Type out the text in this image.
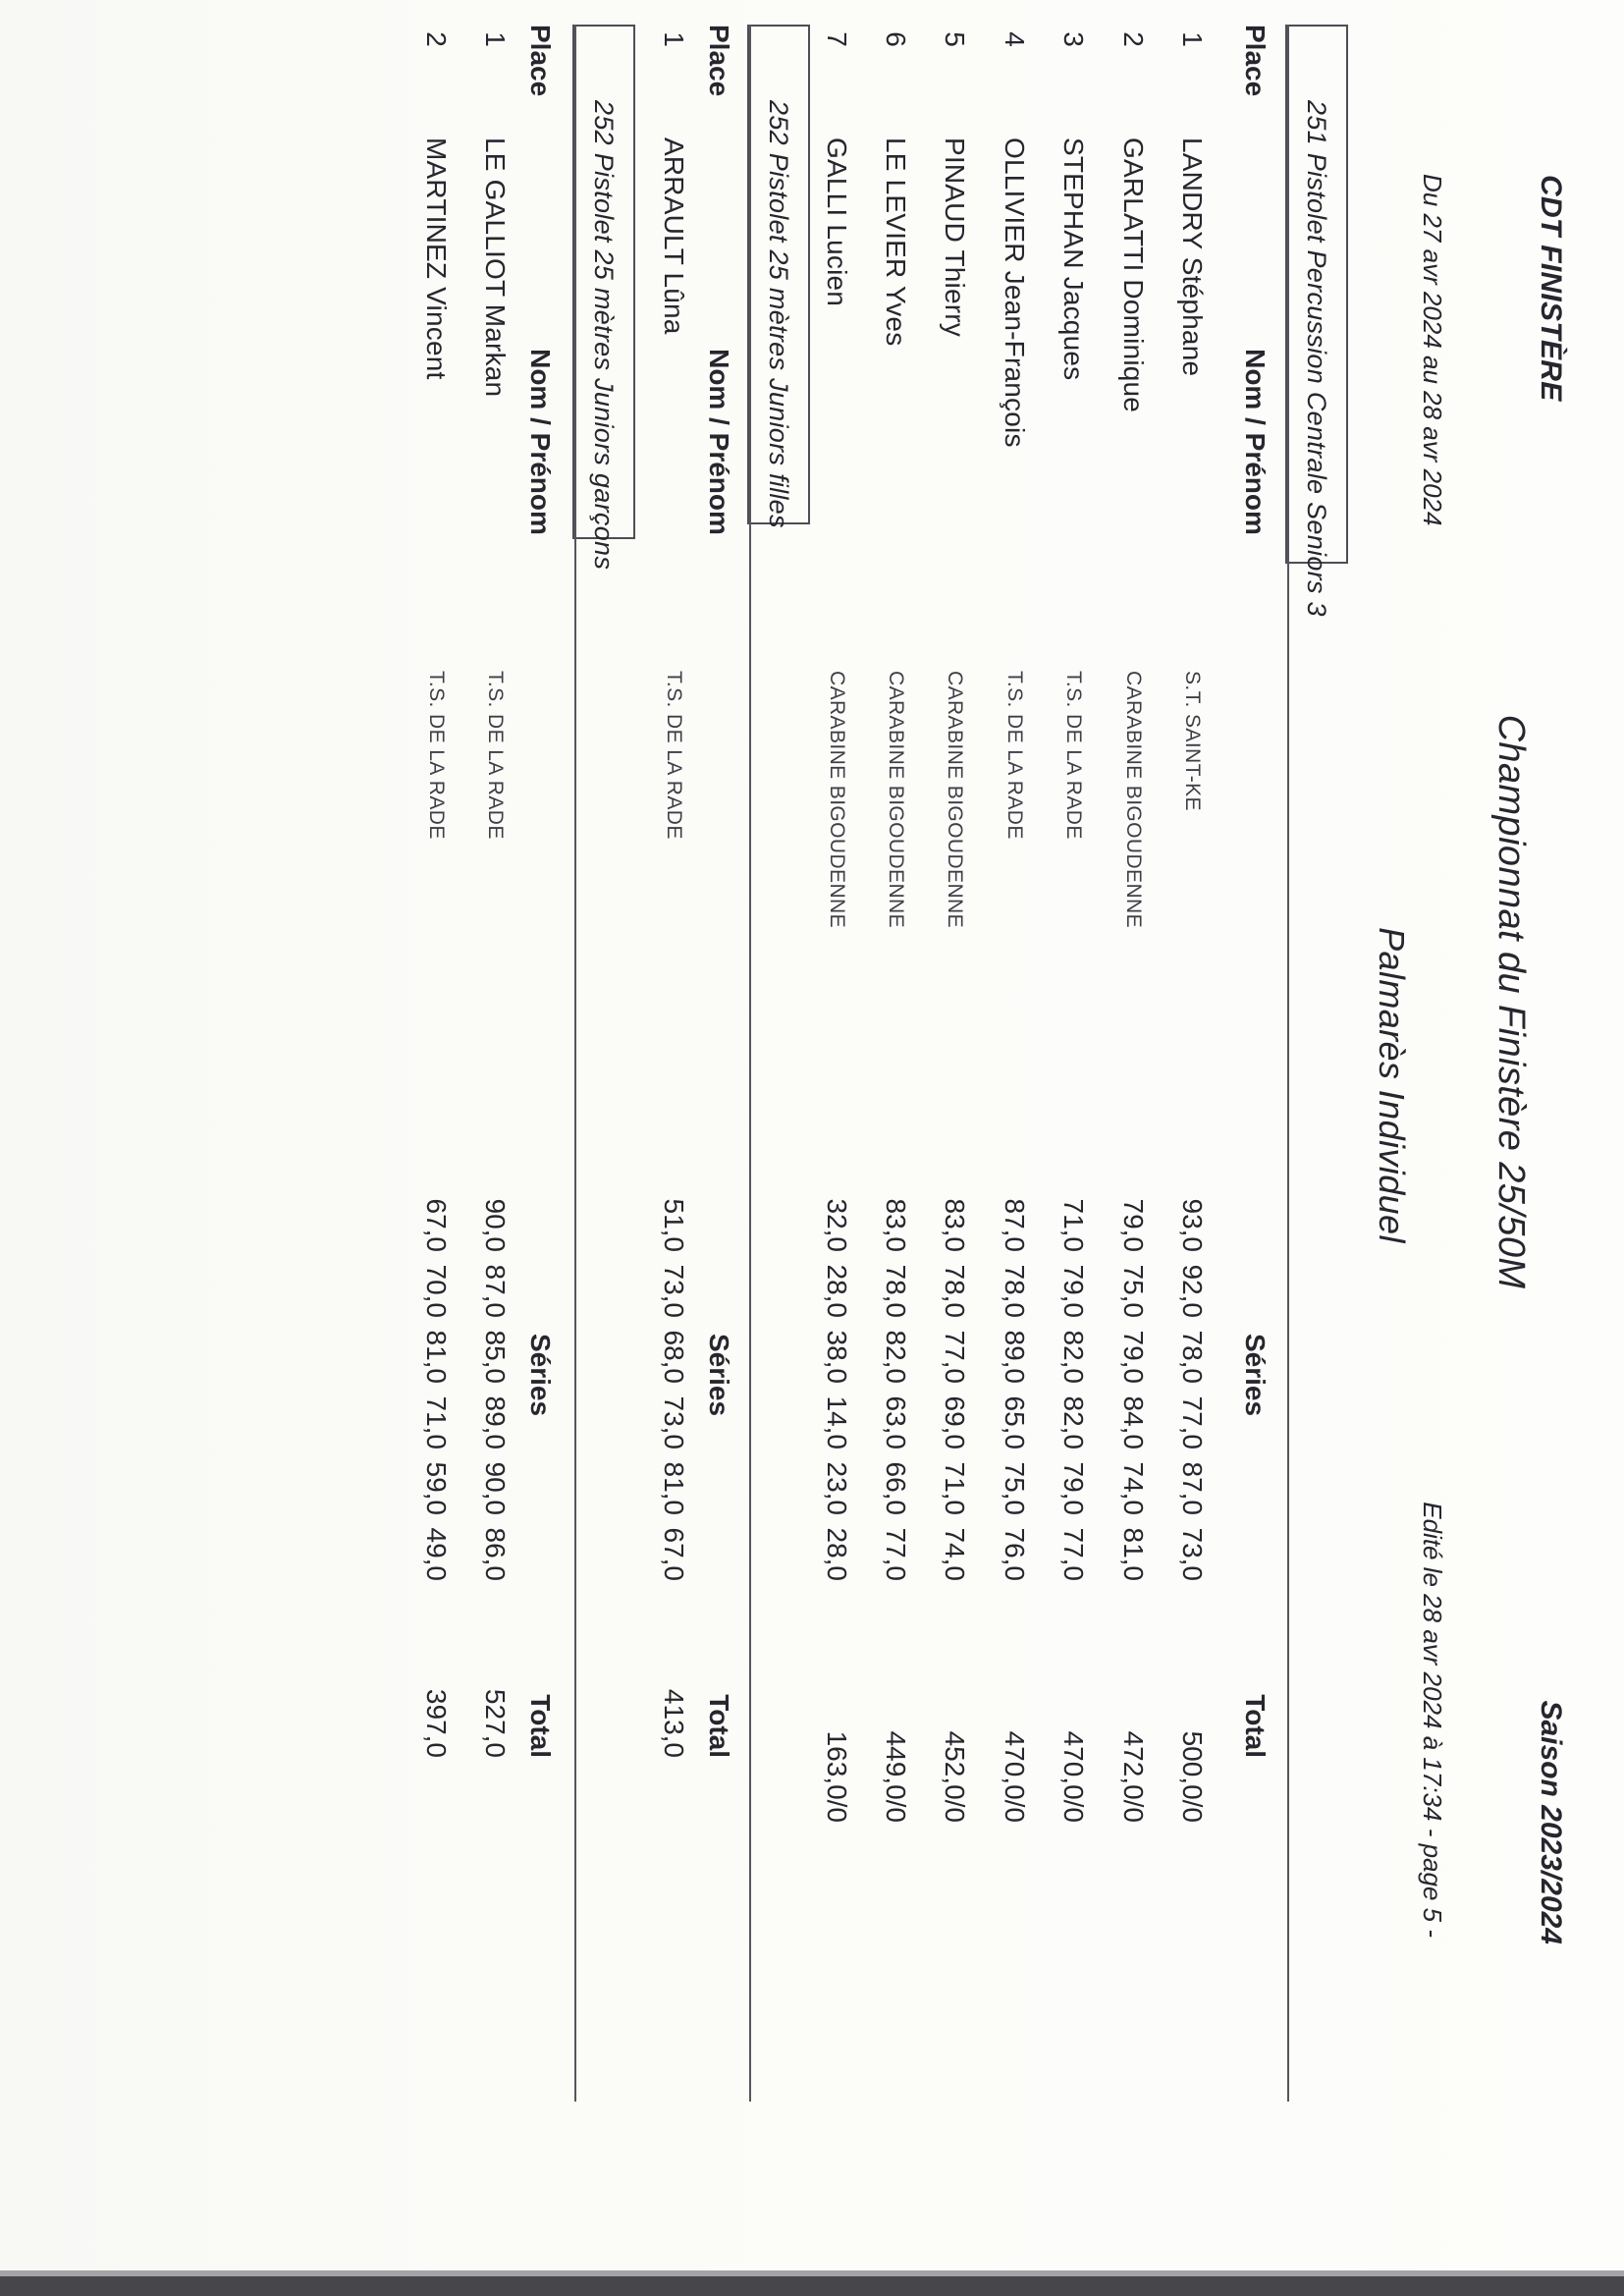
CDT FINISTÈRE
Saison 2023/2024
Championnat du Finistère 25/50M
Du 27 avr 2024 au 28 avr 2024
Edité le 28 avr 2024 à 17:34 - page 5 -
Palmarès Individuel
251 Pistolet Percussion Centrale Seniors 3
Place
Nom / Prénom
Séries
Total
1
LANDRY Stéphane
S.T. SAINT-KE
93,0
92,0
78,0
77,0
87,0
73,0
500,0/0
2
GARLATTI Dominique
CARABINE BIGOUDENNE
79,0
75,0
79,0
84,0
74,0
81,0
472,0/0
3
STEPHAN Jacques
T.S. DE LA RADE
71,0
79,0
82,0
82,0
79,0
77,0
470,0/0
4
OLLIVIER Jean-François
T.S. DE LA RADE
87,0
78,0
89,0
65,0
75,0
76,0
470,0/0
5
PINAUD Thierry
CARABINE BIGOUDENNE
83,0
78,0
77,0
69,0
71,0
74,0
452,0/0
6
LE LEVIER Yves
CARABINE BIGOUDENNE
83,0
78,0
82,0
63,0
66,0
77,0
449,0/0
7
GALLI Lucien
CARABINE BIGOUDENNE
32,0
28,0
38,0
14,0
23,0
28,0
163,0/0
252 Pistolet 25 mètres Juniors filles
Place
Nom / Prénom
Séries
Total
1
ARRAULT Lûna
T.S. DE LA RADE
51,0
73,0
68,0
73,0
81,0
67,0
413,0
252 Pistolet 25 mètres Juniors garçons
Place
Nom / Prénom
Séries
Total
1
LE GALLIOT Markan
T.S. DE LA RADE
90,0
87,0
85,0
89,0
90,0
86,0
527,0
2
MARTINEZ Vincent
T.S. DE LA RADE
67,0
70,0
81,0
71,0
59,0
49,0
397,0
